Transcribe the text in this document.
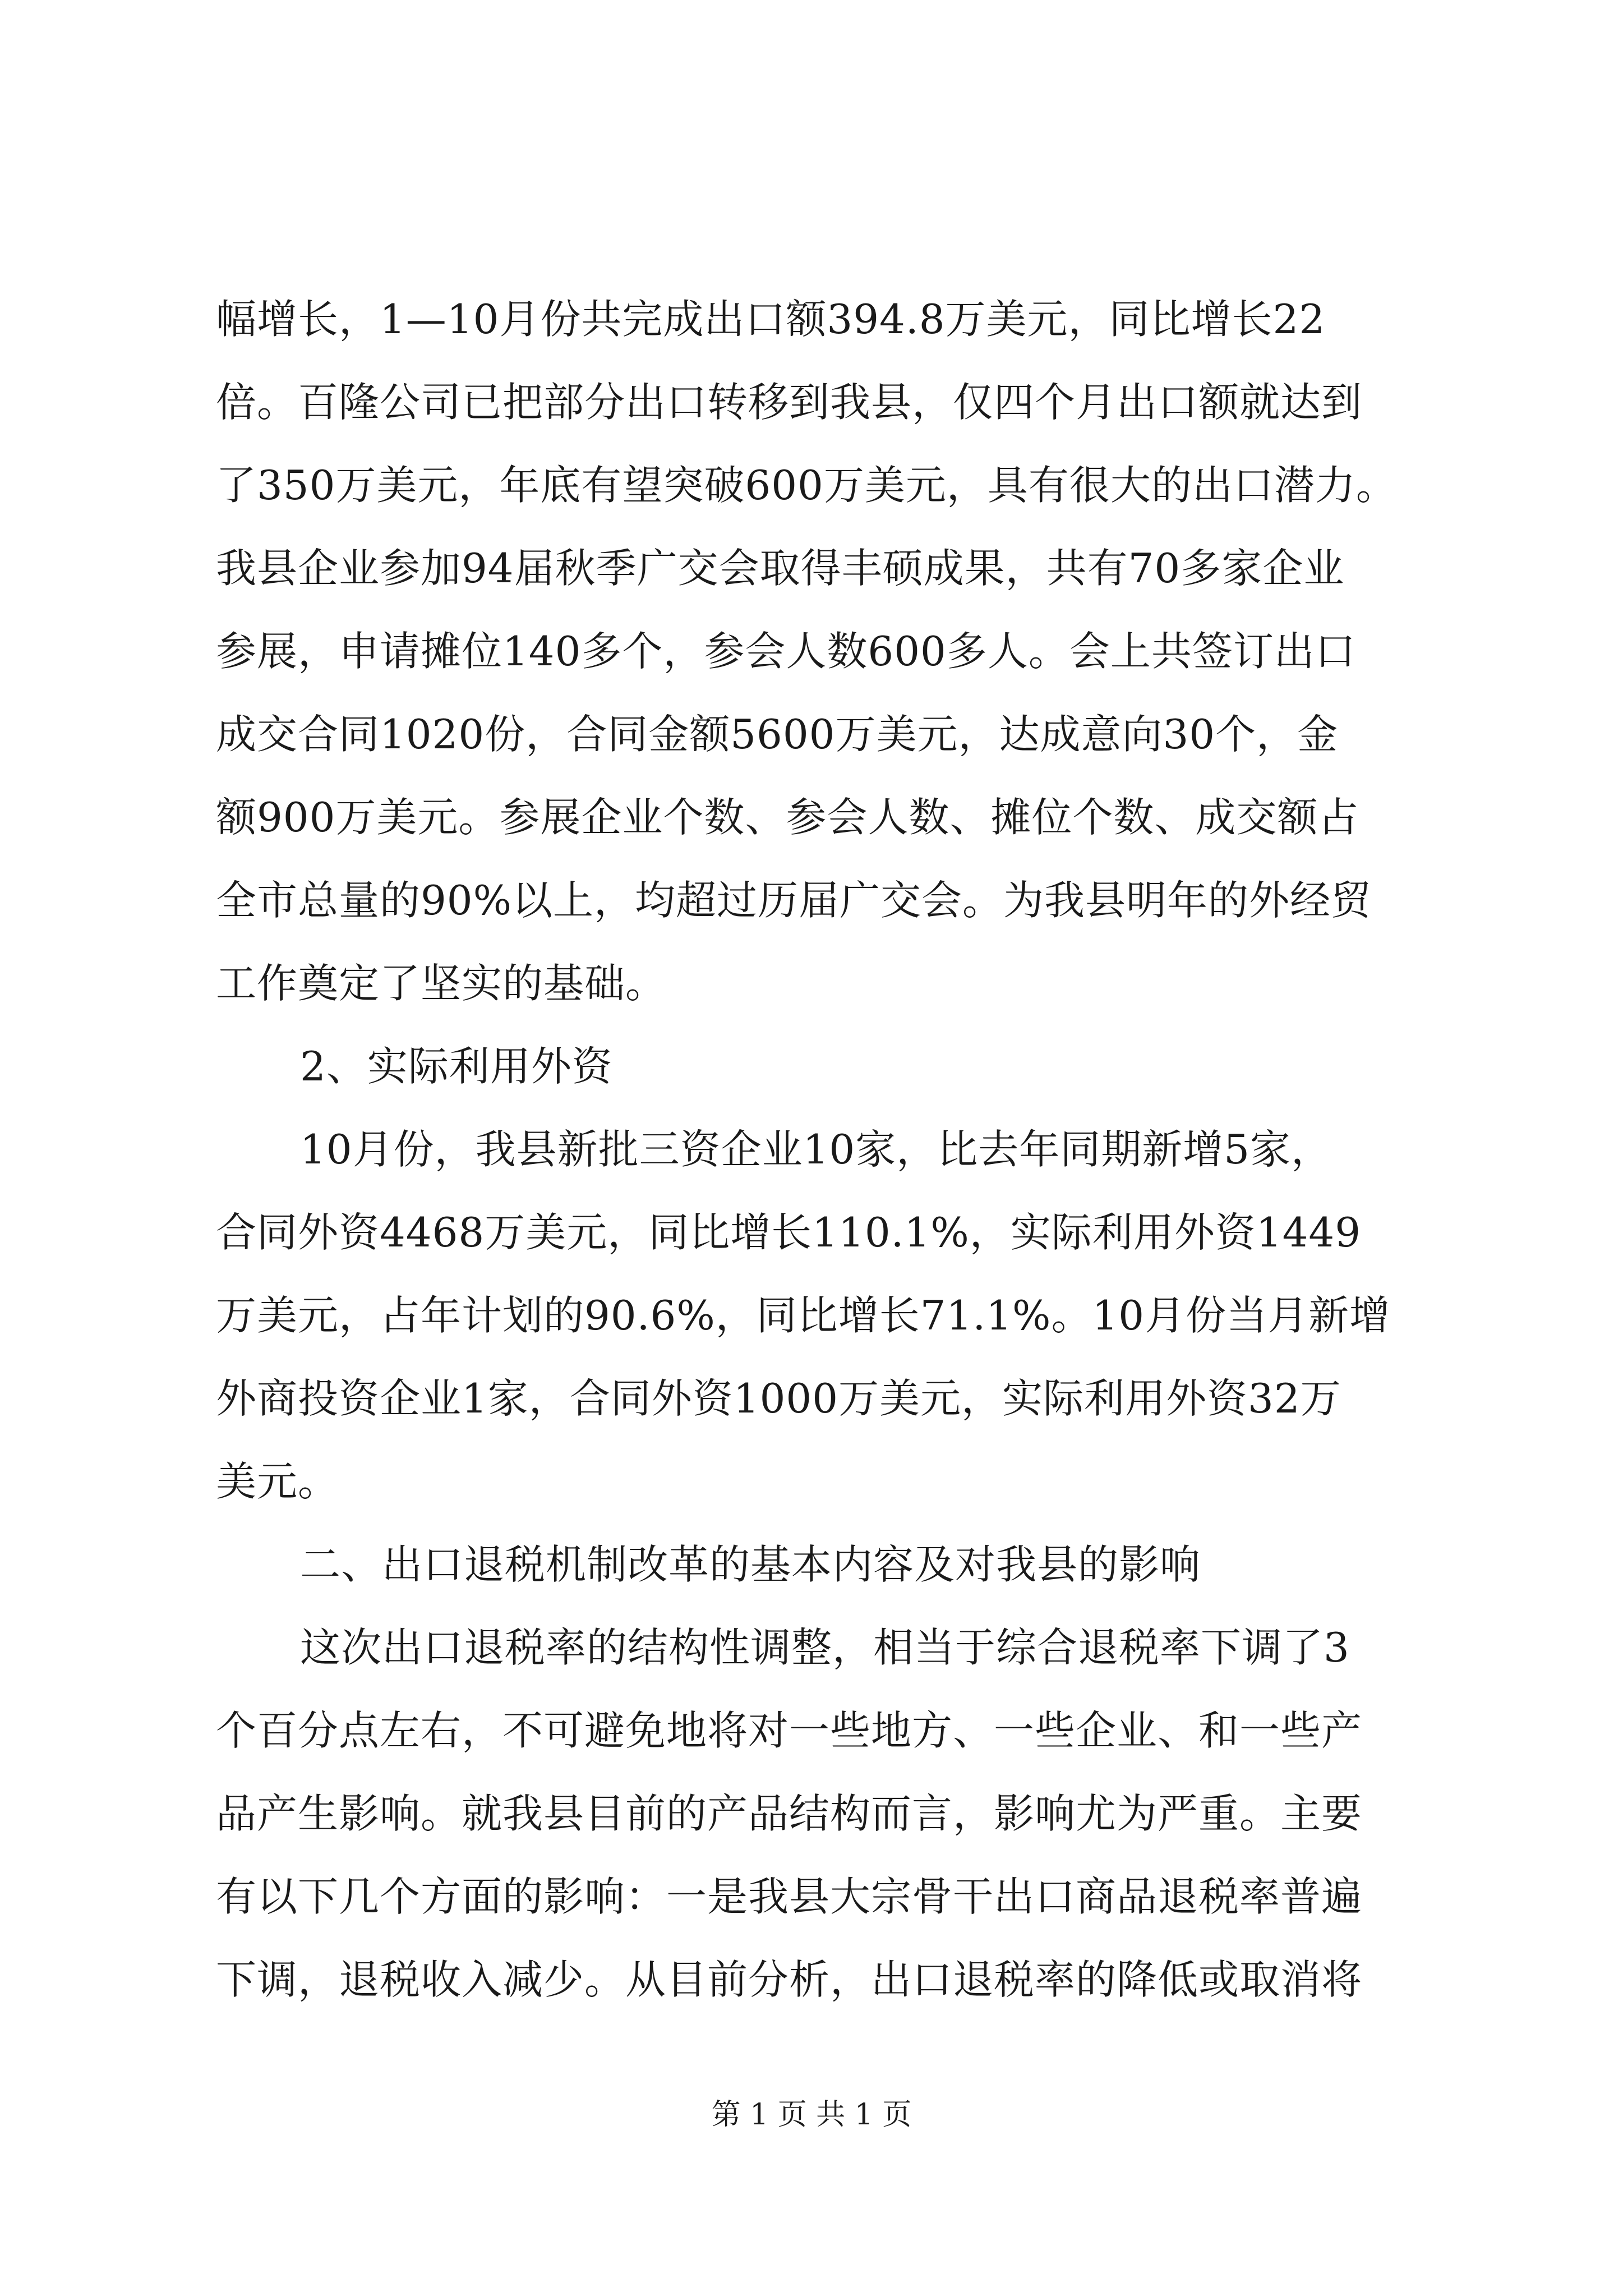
幅增长，1—10月份共完成出口额394.8万美元，同比增长22
倍。百隆公司已把部分出口转移到我县，仅四个月出口额就达到
了350万美元，年底有望突破600万美元，具有很大的出口潜力。
我县企业参加94届秋季广交会取得丰硕成果，共有70多家企业
参展，申请摊位140多个，参会人数600多人。会上共签订出口
成交合同1020份，合同金额5600万美元，达成意向30个，金
额900万美元。参展企业个数、参会人数、摊位个数、成交额占
全市总量的90%以上，均超过历届广交会。为我县明年的外经贸
工作奠定了坚实的基础。
2、实际利用外资
10月份，我县新批三资企业10家，比去年同期新增5家，
合同外资4468万美元，同比增长110.1%，实际利用外资1449
万美元，占年计划的90.6%，同比增长71.1%。10月份当月新增
外商投资企业1家，合同外资1000万美元，实际利用外资32万
美元。
二、出口退税机制改革的基本内容及对我县的影响
这次出口退税率的结构性调整，相当于综合退税率下调了3
个百分点左右，不可避免地将对一些地方、一些企业、和一些产
品产生影响。就我县目前的产品结构而言，影响尤为严重。主要
有以下几个方面的影响：一是我县大宗骨干出口商品退税率普遍
下调，退税收入减少。从目前分析，出口退税率的降低或取消将
第 1 页 共 1 页
